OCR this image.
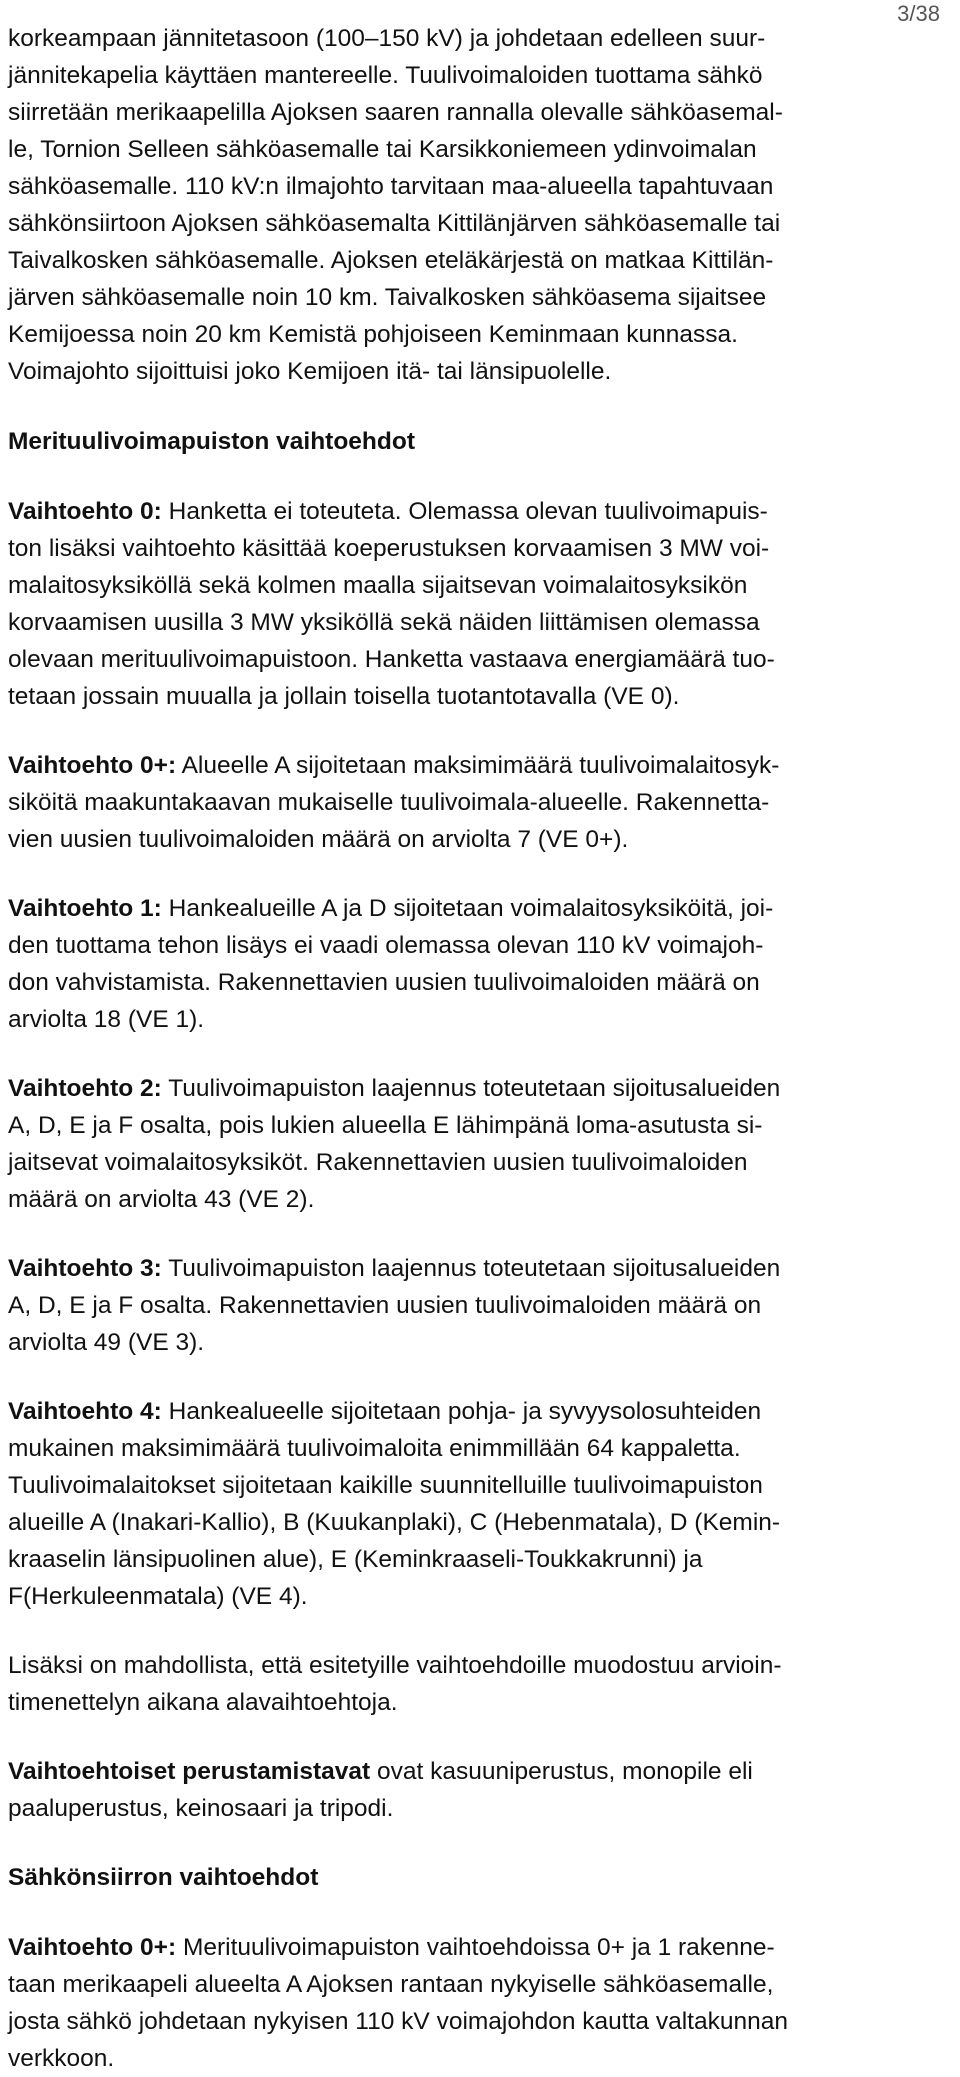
3/38

korkeampaan jännitetasoon (100–150 kV) ja johdetaan edelleen suur-
jännitekapelia käyttäen mantereelle. Tuulivoimaloiden tuottama sähkö
siirretään merikaapelilla Ajoksen saaren rannalla olevalle sähköasemal-
le, Tornion Selleen sähköasemalle tai Karsikkoniemeen ydinvoimalan
sähköasemalle. 110 kV:n ilmajohto tarvitaan maa-alueella tapahtuvaan
sähkönsiirtoon Ajoksen sähköasemalta Kittilänjärven sähköasemalle tai
Taivalkosken sähköasemalle. Ajoksen eteläkärjestä on matkaa Kittilän-
järven sähköasemalle noin 10 km. Taivalkosken sähköasema sijaitsee
Kemijoessa noin 20 km Kemistä pohjoiseen Keminmaan kunnassa.
Voimajohto sijoittuisi joko Kemijoen itä- tai länsipuolelle.

Merituulivoimapuiston vaihtoehdot

Vaihtoehto 0: Hanketta ei toteuteta. Olemassa olevan tuulivoimapuis-
ton lisäksi vaihtoehto käsittää koeperustuksen korvaamisen 3 MW voi-
malaitosyksiköllä sekä kolmen maalla sijaitsevan voimalaitosyksikön
korvaamisen uusilla 3 MW yksiköllä sekä näiden liittämisen olemassa
olevaan merituulivoimapuistoon. Hanketta vastaava energiamäärä tuo-
tetaan jossain muualla ja jollain toisella tuotantotavalla (VE 0).

Vaihtoehto 0+: Alueelle A sijoitetaan maksimimäärä tuulivoimalaitosyk-
siköitä maakuntakaavan mukaiselle tuulivoimala-alueelle. Rakennetta-
vien uusien tuulivoimaloiden määrä on arviolta 7 (VE 0+).

Vaihtoehto 1: Hankealueille A ja D sijoitetaan voimalaitosyksiköitä, joi-
den tuottama tehon lisäys ei vaadi olemassa olevan 110 kV voimajoh-
don vahvistamista. Rakennettavien uusien tuulivoimaloiden määrä on
arviolta 18 (VE 1).

Vaihtoehto 2: Tuulivoimapuiston laajennus toteutetaan sijoitusalueiden
A, D, E ja F osalta, pois lukien alueella E lähimpänä loma-asutusta si-
jaitsevat voimalaitosyksiköt. Rakennettavien uusien tuulivoimaloiden
määrä on arviolta 43 (VE 2).

Vaihtoehto 3: Tuulivoimapuiston laajennus toteutetaan sijoitusalueiden
A, D, E ja F osalta. Rakennettavien uusien tuulivoimaloiden määrä on
arviolta 49 (VE 3).

Vaihtoehto 4: Hankealueelle sijoitetaan pohja- ja syvyysolosuhteiden
mukainen maksimimäärä tuulivoimaloita enimmillään 64 kappaletta.
Tuulivoimalaitokset sijoitetaan kaikille suunnitelluille tuulivoimapuiston
alueille A (Inakari-Kallio), B (Kuukanplaki), C (Hebenmatala), D (Kemin-
kraaselin länsipuolinen alue), E (Keminkraaseli-Toukkakrunni) ja
F(Herkuleenmatala) (VE 4).

Lisäksi on mahdollista, että esitetyille vaihtoehdoille muodostuu arvioin-
timenettelyn aikana alavaihtoehtoja.

Vaihtoehtoiset perustamistavat ovat kasuuniperustus, monopile eli
paaluperustus, keinosaari ja tripodi.

Sähkönsiirron vaihtoehdot

Vaihtoehto 0+: Merituulivoimapuiston vaihtoehdoissa 0+ ja 1 rakenne-
taan merikaapeli alueelta A Ajoksen rantaan nykyiselle sähköasemalle,
josta sähkö johdetaan nykyisen 110 kV voimajohdon kautta valtakunnan
verkkoon.
